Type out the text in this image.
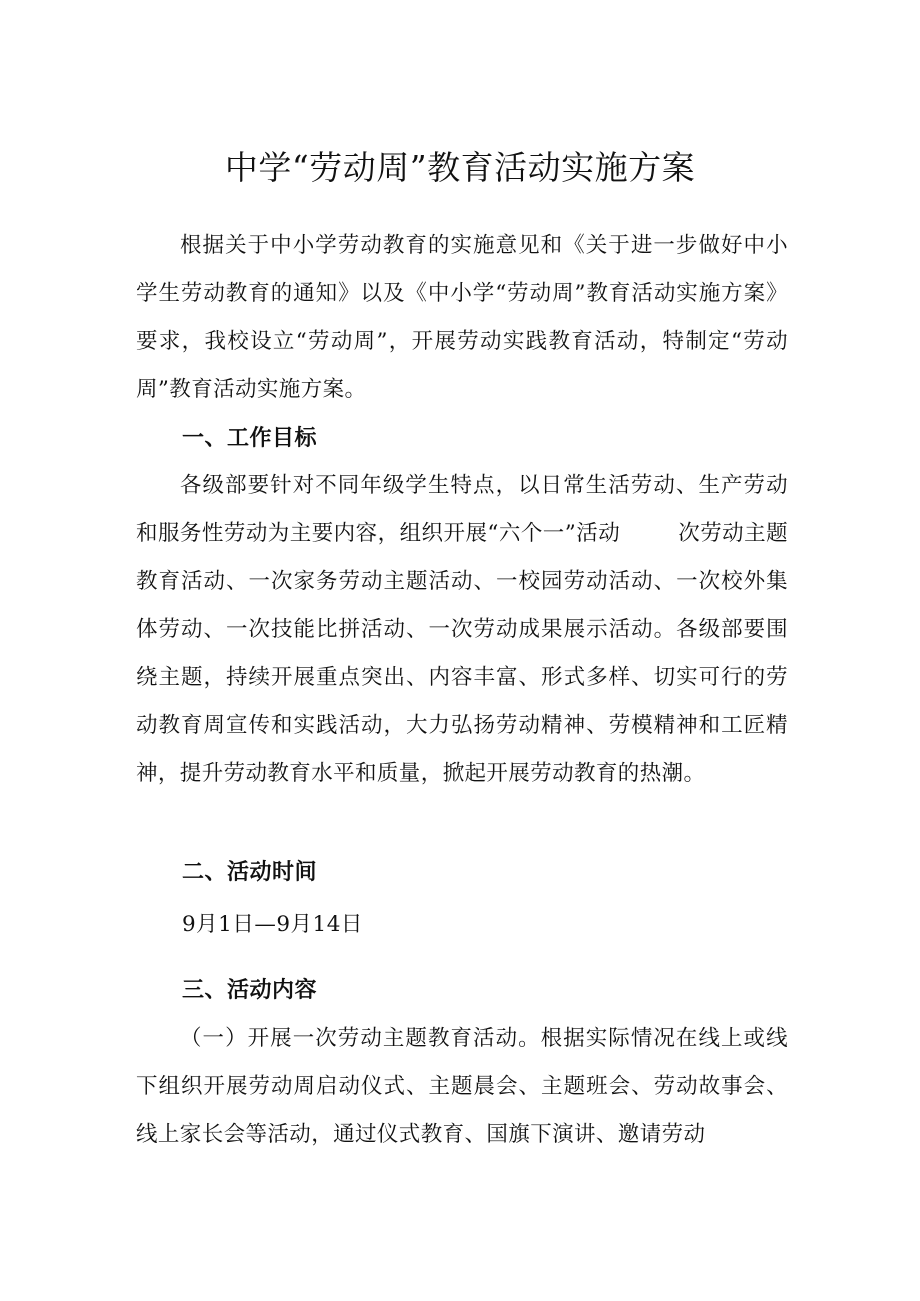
中学“劳动周”教育活动实施方案

根据关于中小学劳动教育的实施意见和《关于进一步做好中小学生劳动教育的通知》以及《中小学“劳动周”教育活动实施方案》要求，我校设立“劳动周”，开展劳动实践教育活动，特制定“劳动周”教育活动实施方案。

一、工作目标

各级部要针对不同年级学生特点，以日常生活劳动、生产劳动和服务性劳动为主要内容，组织开展“六个一”活动	次劳动主题教育活动、一次家务劳动主题活动、一校园劳动活动、一次校外集体劳动、一次技能比拼活动、一次劳动成果展示活动。各级部要围绕主题，持续开展重点突出、内容丰富、形式多样、切实可行的劳动教育周宣传和实践活动，大力弘扬劳动精神、劳模精神和工匠精神，提升劳动教育水平和质量，掀起开展劳动教育的热潮。

二、活动时间

9月1日—9月14日

三、活动内容

（一）开展一次劳动主题教育活动。根据实际情况在线上或线下组织开展劳动周启动仪式、主题晨会、主题班会、劳动故事会、线上家长会等活动，通过仪式教育、国旗下演讲、邀请劳动
